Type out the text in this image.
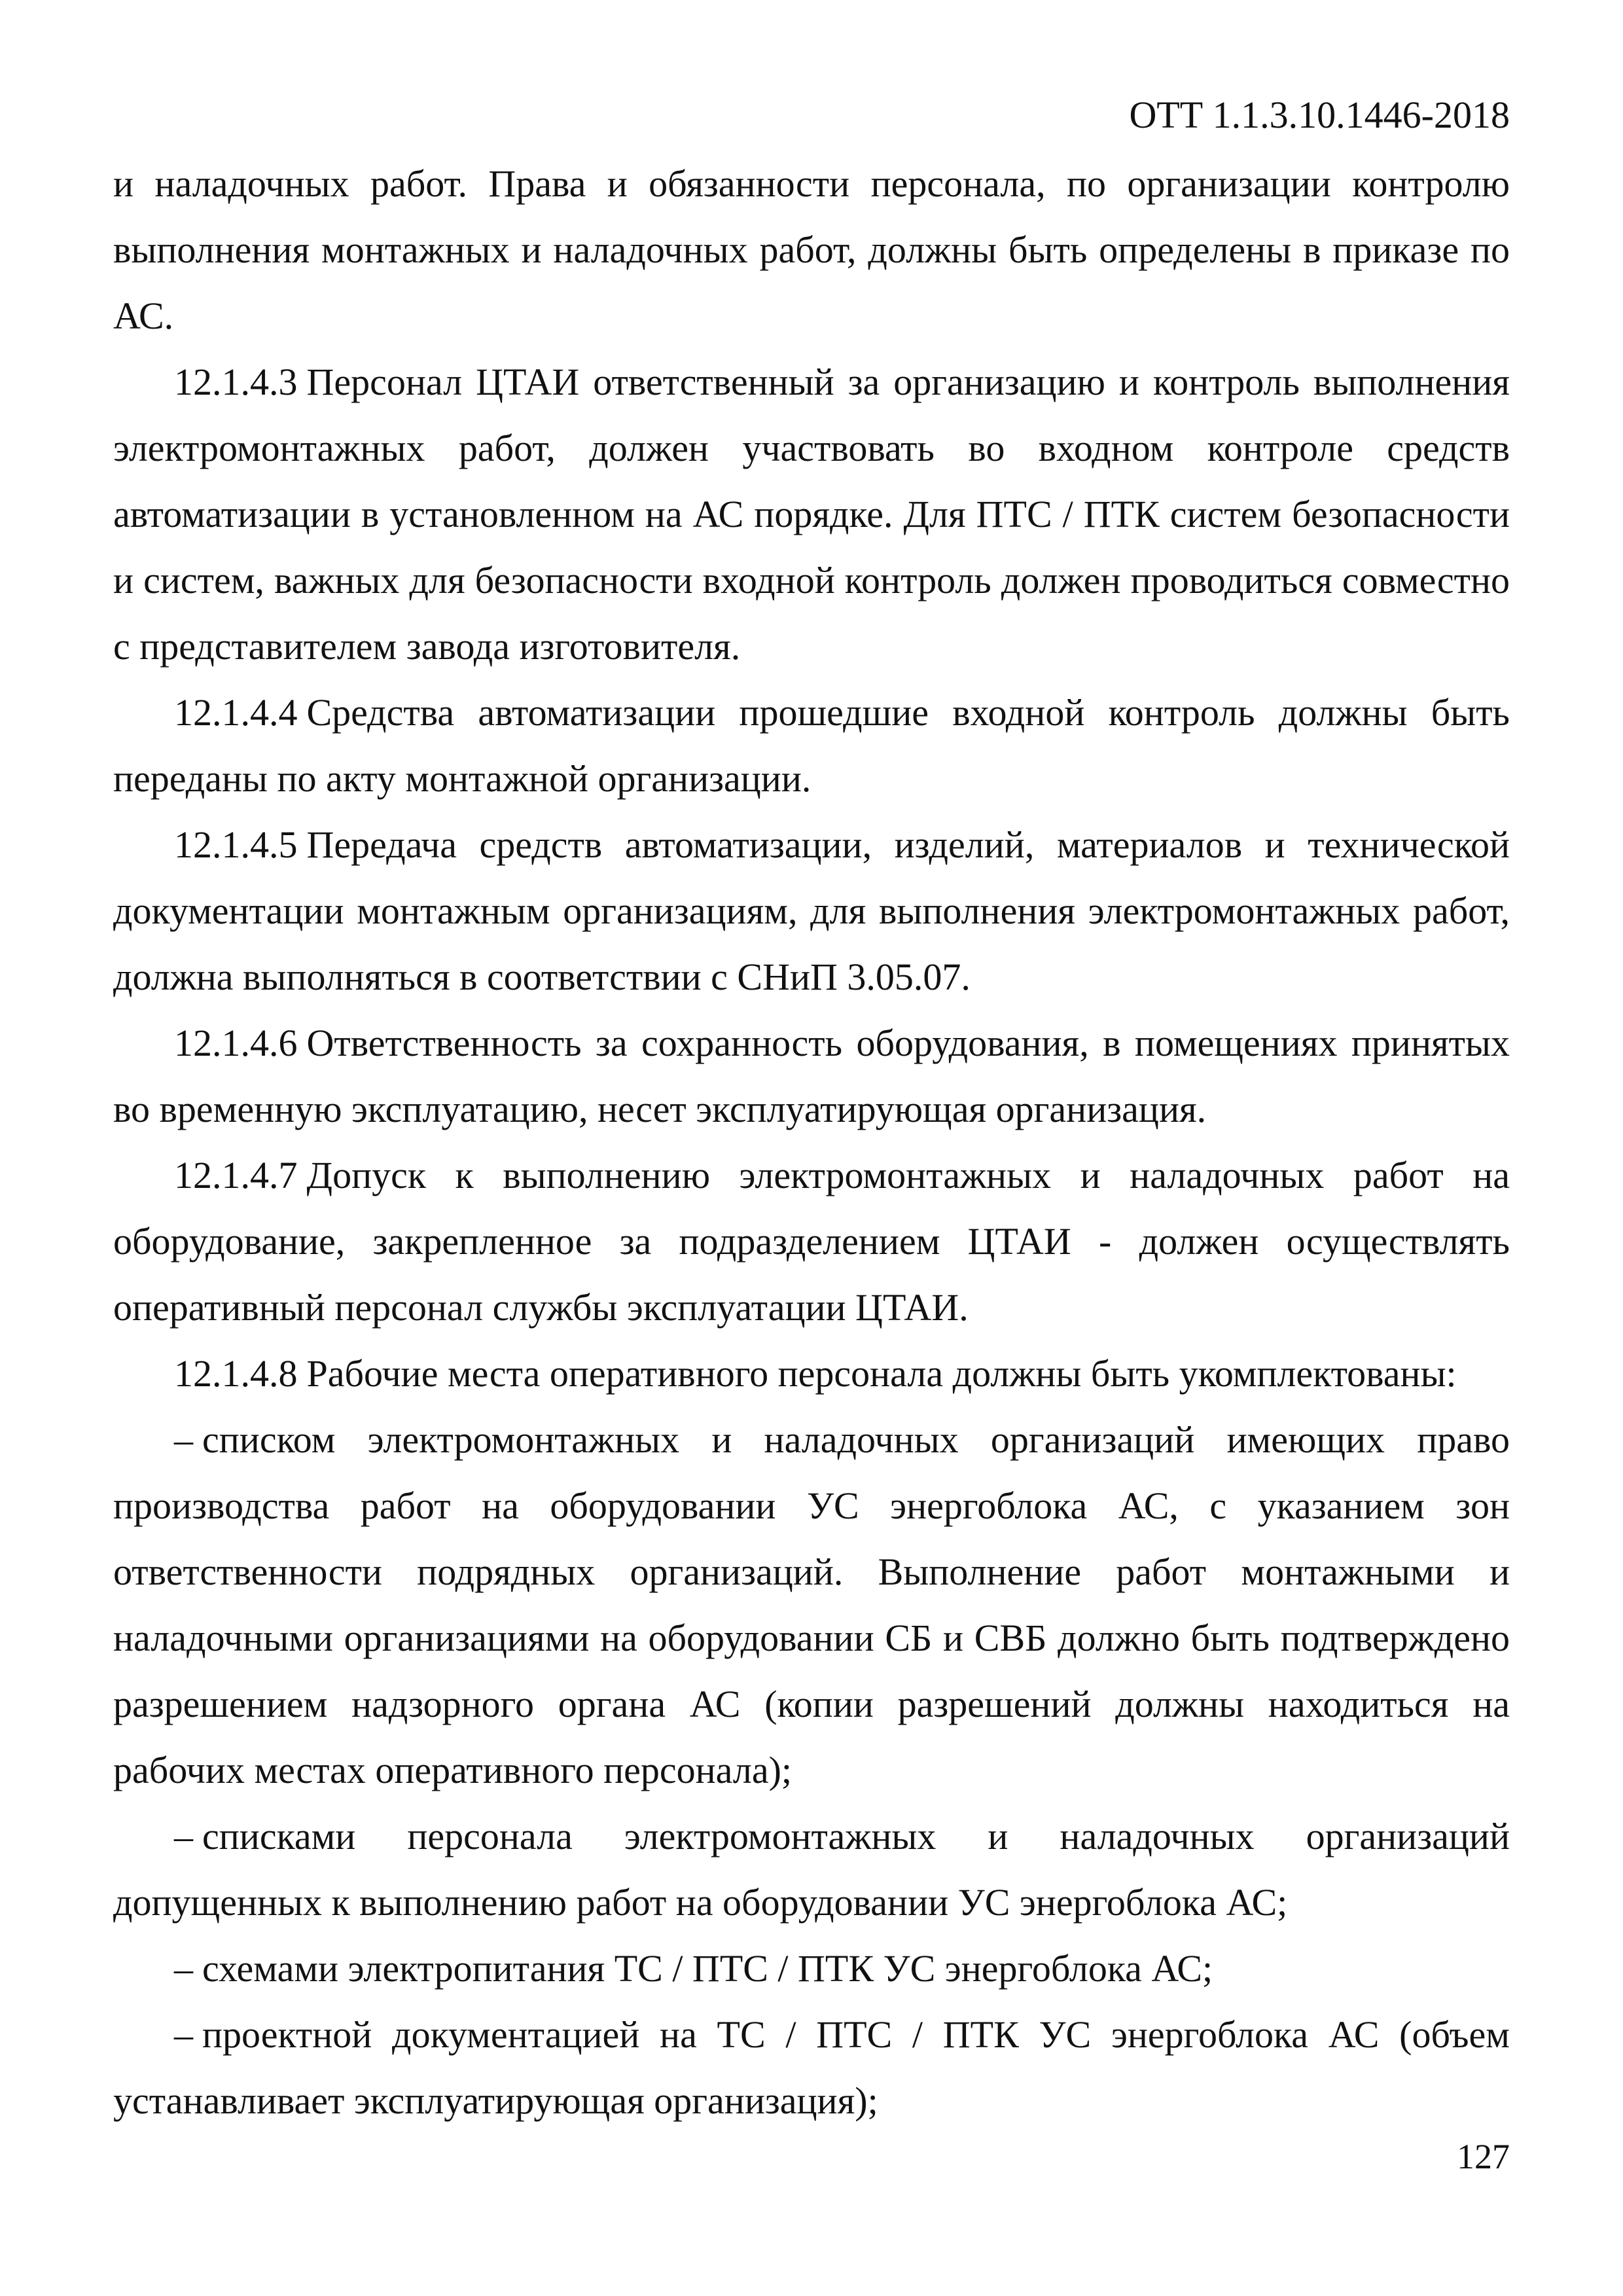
ОТТ 1.1.3.10.1446-2018

и наладочных работ. Права и обязанности персонала, по организации контролю выполнения монтажных и наладочных работ, должны быть определены в приказе по АС.

12.1.4.3 Персонал ЦТАИ ответственный за организацию и контроль выполнения электромонтажных работ, должен участвовать во входном контроле средств автоматизации в установленном на АС порядке. Для ПТС / ПТК систем безопасности и систем, важных для безопасности входной контроль должен проводиться совместно с представителем завода изготовителя.

12.1.4.4 Средства автоматизации прошедшие входной контроль должны быть переданы по акту монтажной организации.

12.1.4.5 Передача средств автоматизации, изделий, материалов и технической документации монтажным организациям, для выполнения электромонтажных работ, должна выполняться в соответствии с СНиП 3.05.07.

12.1.4.6 Ответственность за сохранность оборудования, в помещениях принятых во временную эксплуатацию, несет эксплуатирующая организация.

12.1.4.7 Допуск к выполнению электромонтажных и наладочных работ на оборудование, закрепленное за подразделением ЦТАИ - должен осуществлять оперативный персонал службы эксплуатации ЦТАИ.

12.1.4.8 Рабочие места оперативного персонала должны быть укомплектованы:

– списком электромонтажных и наладочных организаций имеющих право производства работ на оборудовании УС энергоблока АС, с указанием зон ответственности подрядных организаций. Выполнение работ монтажными и наладочными организациями на оборудовании СБ и СВБ должно быть подтверждено разрешением надзорного органа АС (копии разрешений должны находиться на рабочих местах оперативного персонала);

– списками персонала электромонтажных и наладочных организаций допущенных к выполнению работ на оборудовании УС энергоблока АС;

– схемами электропитания ТС / ПТС / ПТК УС энергоблока АС;

– проектной документацией на ТС / ПТС / ПТК УС энергоблока АС (объем устанавливает эксплуатирующая организация);

127
